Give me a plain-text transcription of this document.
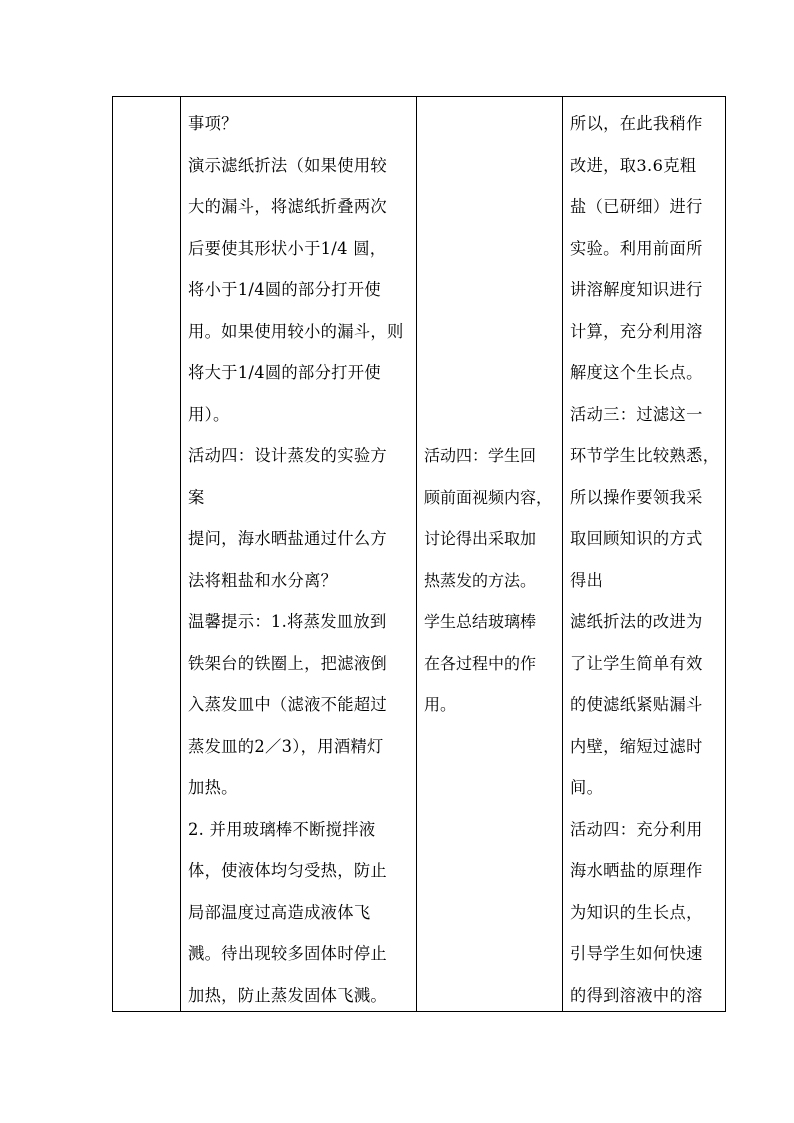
事项？
演示滤纸折法（如果使用较
大的漏斗，将滤纸折叠两次
后要使其形状小于1/4 圆，
将小于1/4圆的部分打开使
用。如果使用较小的漏斗，则
将大于1/4圆的部分打开使
用）。
活动四：设计蒸发的实验方
案
提问，海水晒盐通过什么方
法将粗盐和水分离？
温馨提示：1.将蒸发皿放到
铁架台的铁圈上，把滤液倒
入蒸发皿中（滤液不能超过
蒸发皿的2／3），用酒精灯
加热。
2. 并用玻璃棒不断搅拌液
体，使液体均匀受热，防止
局部温度过高造成液体飞
溅。待出现较多固体时停止
加热，防止蒸发固体飞溅。
活动四：学生回
顾前面视频内容，
讨论得出采取加
热蒸发的方法。
学生总结玻璃棒
在各过程中的作
用。
所以，在此我稍作
改进，取3.6克粗
盐（已研细）进行
实验。利用前面所
讲溶解度知识进行
计算，充分利用溶
解度这个生长点。
活动三：过滤这一
环节学生比较熟悉，
所以操作要领我采
取回顾知识的方式
得出
滤纸折法的改进为
了让学生简单有效
的使滤纸紧贴漏斗
内壁，缩短过滤时
间。
活动四：充分利用
海水晒盐的原理作
为知识的生长点，
引导学生如何快速
的得到溶液中的溶
